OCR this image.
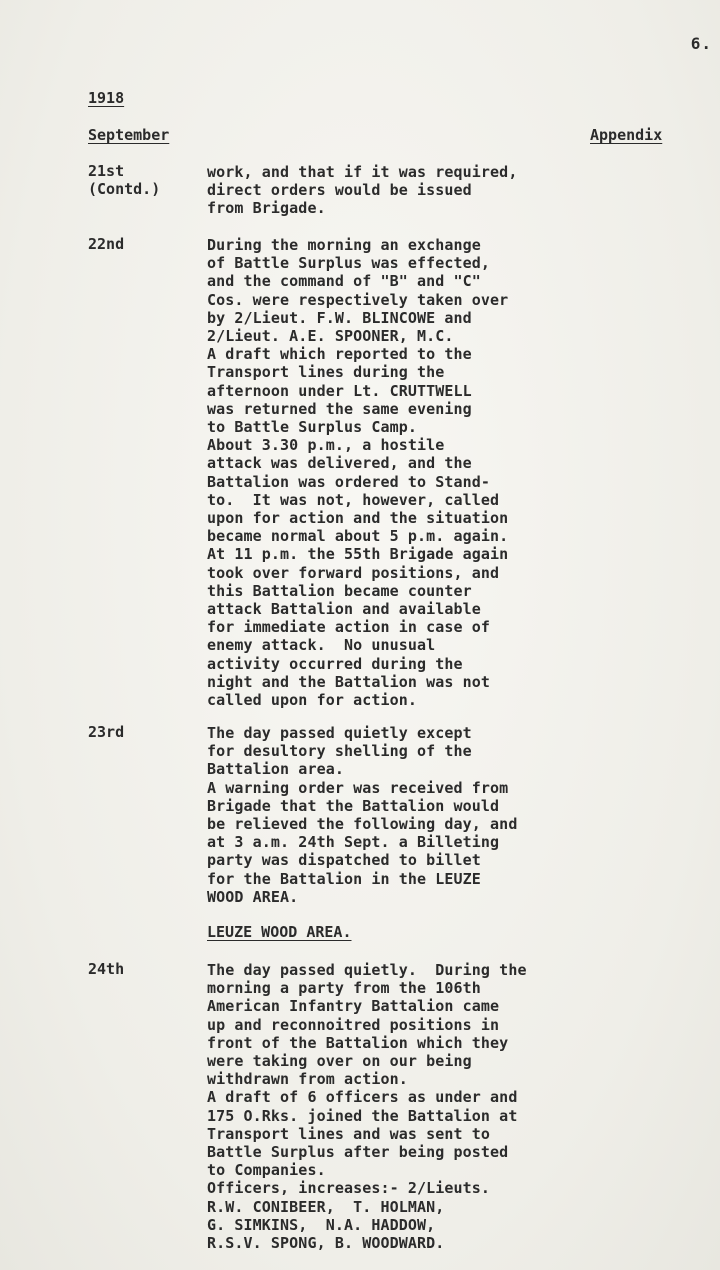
6.
1918
September	Appendix
21st
(Contd.)
work, and that if it was required,
direct orders would be issued
from Brigade.
22nd	During the morning an exchange
of Battle Surplus was effected,
and the command of "B" and "C"
Cos. were respectively taken over
by 2/Lieut. F.W. BLINCOWE and
2/Lieut. A.E. SPOONER, M.C.
A draft which reported to the
Transport lines during the
afternoon under Lt. CRUTTWELL
was returned the same evening
to Battle Surplus Camp.
About 3.30 p.m., a hostile
attack was delivered, and the
Battalion was ordered to Stand-
to.  It was not, however, called
upon for action and the situation
became normal about 5 p.m. again.
At 11 p.m. the 55th Brigade again
took over forward positions, and
this Battalion became counter
attack Battalion and available
for immediate action in case of
enemy attack.  No unusual
activity occurred during the
night and the Battalion was not
called upon for action.
23rd	The day passed quietly except
for desultory shelling of the
Battalion area.
A warning order was received from
Brigade that the Battalion would
be relieved the following day, and
at 3 a.m. 24th Sept. a Billeting
party was dispatched to billet
for the Battalion in the LEUZE
WOOD AREA.
LEUZE WOOD AREA.
24th	The day passed quietly.  During the
morning a party from the 106th
American Infantry Battalion came
up and reconnoitred positions in
front of the Battalion which they
were taking over on our being
withdrawn from action.
A draft of 6 officers as under and
175 O.Rks. joined the Battalion at
Transport lines and was sent to
Battle Surplus after being posted
to Companies.
Officers, increases:- 2/Lieuts.
R.W. CONIBEER,  T. HOLMAN,
G. SIMKINS,  N.A. HADDOW,
R.S.V. SPONG, B. WOODWARD.
